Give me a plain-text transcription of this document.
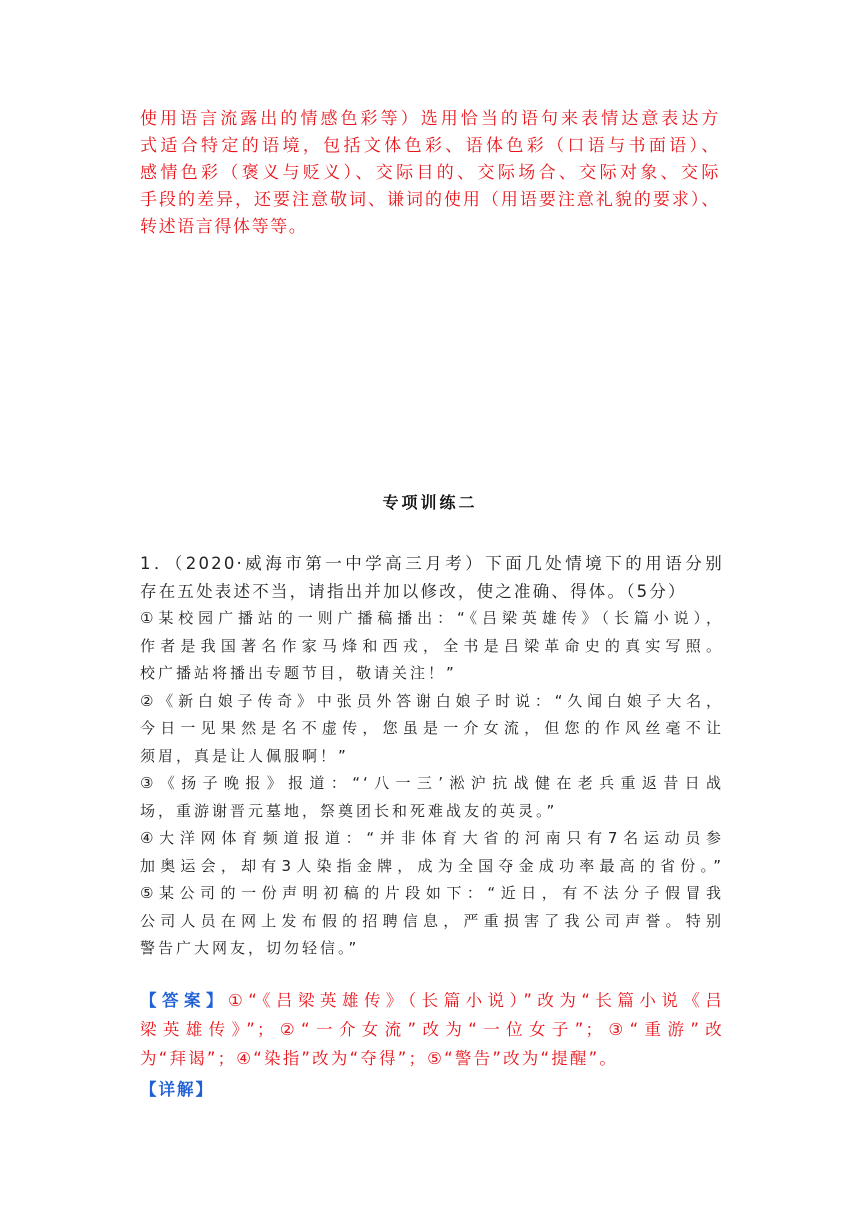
使用语言流露出的情感色彩等）选用恰当的语句来表情达意表达方
式适合特定的语境，包括文体色彩、语体色彩（口语与书面语）、
感情色彩（褒义与贬义）、交际目的、交际场合、交际对象、交际
手段的差异，还要注意敬词、谦词的使用（用语要注意礼貌的要求）、
转述语言得体等等。
专项训练二
1．（2020·威海市第一中学高三月考）下面几处情境下的用语分别
存在五处表述不当，请指出并加以修改，使之准确、得体。（5分）
①某校园广播站的一则广播稿播出：“《吕梁英雄传》（长篇小说），
作者是我国著名作家马烽和西戎，全书是吕梁革命史的真实写照。
校广播站将播出专题节目，敬请关注！”
②《新白娘子传奇》中张员外答谢白娘子时说：“久闻白娘子大名，
今日一见果然是名不虚传，您虽是一介女流，但您的作风丝毫不让
须眉，真是让人佩服啊！”
③《扬子晚报》报道：“‘八一三’淞沪抗战健在老兵重返昔日战
场，重游谢晋元墓地，祭奠团长和死难战友的英灵。”
④大洋网体育频道报道：“并非体育大省的河南只有7名运动员参
加奥运会，却有3人染指金牌，成为全国夺金成功率最高的省份。”
⑤某公司的一份声明初稿的片段如下：“近日，有不法分子假冒我
公司人员在网上发布假的招聘信息，严重损害了我公司声誉。特别
警告广大网友，切勿轻信。”
【答案】①“《吕梁英雄传》（长篇小说）”改为“长篇小说《吕
梁英雄传》”；②“一介女流”改为“一位女子”；③“重游”改
为“拜谒”；④“染指”改为“夺得”；⑤“警告”改为“提醒”。
【详解】
